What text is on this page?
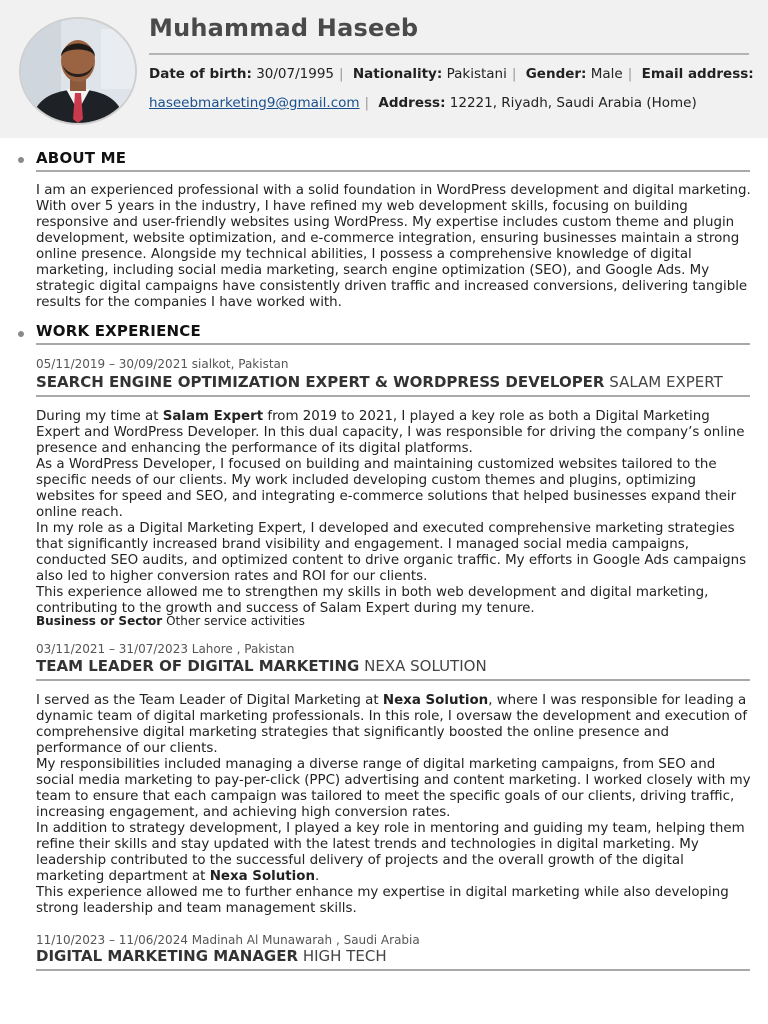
Muhammad Haseeb
Date of birth: 30/07/1995 | Nationality: Pakistani | Gender: Male | Email address:
haseebmarketing9@gmail.com | Address: 12221, Riyadh, Saudi Arabia (Home)
ABOUT ME

I am an experienced professional with a solid foundation in WordPress development and digital marketing. With over 5 years in the industry, I have refined my web development skills, focusing on building responsive and user-friendly websites using WordPress. My expertise includes custom theme and plugin development, website optimization, and e-commerce integration, ensuring businesses maintain a strong online presence. Alongside my technical abilities, I possess a comprehensive knowledge of digital marketing, including social media marketing, search engine optimization (SEO), and Google Ads. My strategic digital campaigns have consistently driven traffic and increased conversions, delivering tangible results for the companies I have worked with.

WORK EXPERIENCE
05/11/2019 – 30/09/2021 sialkot, Pakistan
SEARCH ENGINE OPTIMIZATION EXPERT & WORDPRESS DEVELOPER SALAM EXPERT

During my time at Salam Expert from 2019 to 2021, I played a key role as both a Digital Marketing Expert and WordPress Developer. In this dual capacity, I was responsible for driving the company’s online presence and enhancing the performance of its digital platforms.

As a WordPress Developer, I focused on building and maintaining customized websites tailored to the specific needs of our clients. My work included developing custom themes and plugins, optimizing websites for speed and SEO, and integrating e-commerce solutions that helped businesses expand their online reach.

In my role as a Digital Marketing Expert, I developed and executed comprehensive marketing strategies that significantly increased brand visibility and engagement. I managed social media campaigns, conducted SEO audits, and optimized content to drive organic traffic. My efforts in Google Ads campaigns also led to higher conversion rates and ROI for our clients.

This experience allowed me to strengthen my skills in both web development and digital marketing, contributing to the growth and success of Salam Expert during my tenure.

Business or Sector Other service activities
03/11/2021 – 31/07/2023 Lahore , Pakistan
TEAM LEADER OF DIGITAL MARKETING NEXA SOLUTION

I served as the Team Leader of Digital Marketing at Nexa Solution, where I was responsible for leading a dynamic team of digital marketing professionals. In this role, I oversaw the development and execution of comprehensive digital marketing strategies that significantly boosted the online presence and performance of our clients.

My responsibilities included managing a diverse range of digital marketing campaigns, from SEO and social media marketing to pay-per-click (PPC) advertising and content marketing. I worked closely with my team to ensure that each campaign was tailored to meet the specific goals of our clients, driving traffic, increasing engagement, and achieving high conversion rates.

In addition to strategy development, I played a key role in mentoring and guiding my team, helping them refine their skills and stay updated with the latest trends and technologies in digital marketing. My leadership contributed to the successful delivery of projects and the overall growth of the digital marketing department at Nexa Solution.

This experience allowed me to further enhance my expertise in digital marketing while also developing strong leadership and team management skills.

11/10/2023 – 11/06/2024 Madinah Al Munawarah , Saudi Arabia
DIGITAL MARKETING MANAGER HIGH TECH
